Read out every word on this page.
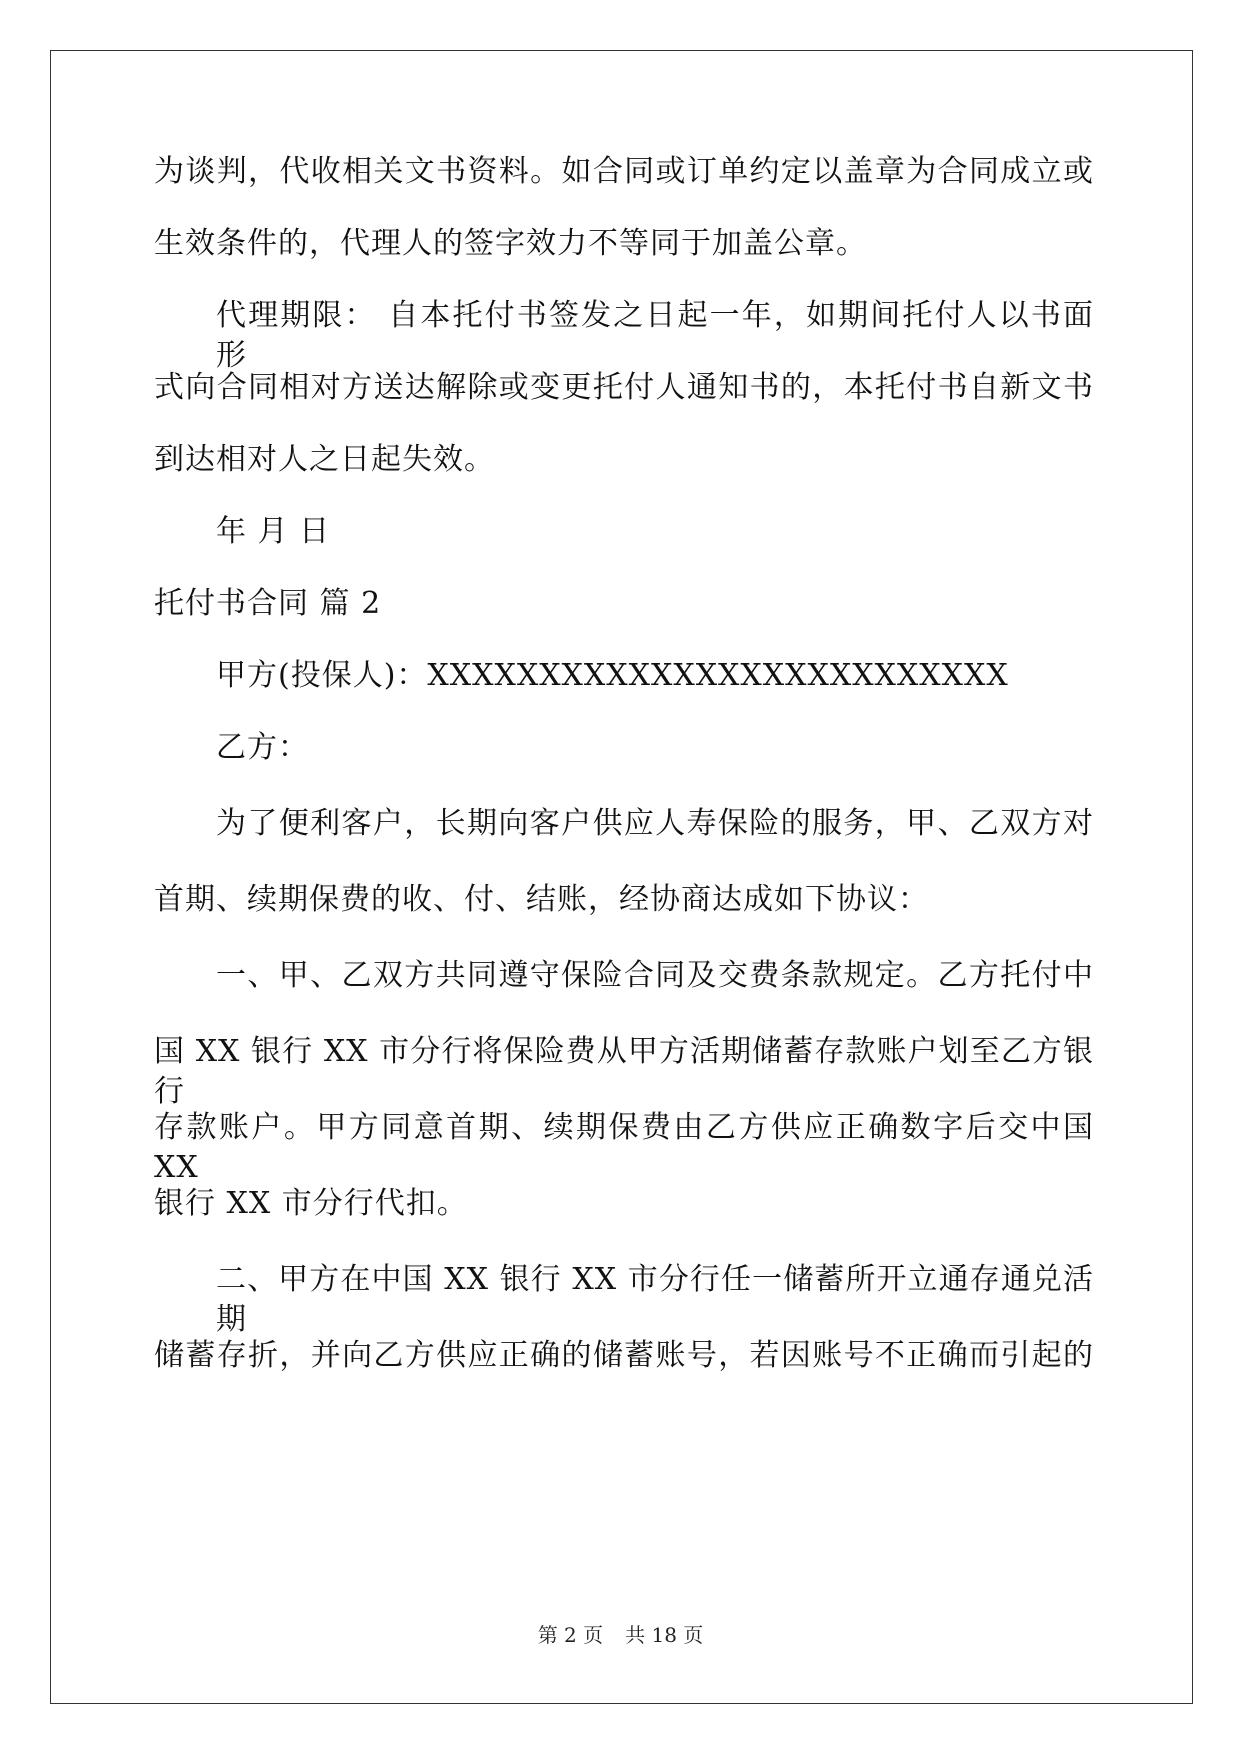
为谈判，代收相关文书资料。如合同或订单约定以盖章为合同成立或
生效条件的，代理人的签字效力不等同于加盖公章。
代理期限： 自本托付书签发之日起一年，如期间托付人以书面形
式向合同相对方送达解除或变更托付人通知书的，本托付书自新文书
到达相对人之日起失效。
年 月 日
托付书合同 篇 2
甲方(投保人)：XXXXXXXXXXXXXXXXXXXXXXXXXX
乙方：
为了便利客户，长期向客户供应人寿保险的服务，甲、乙双方对
首期、续期保费的收、付、结账，经协商达成如下协议：
一、甲、乙双方共同遵守保险合同及交费条款规定。乙方托付中
国 XX 银行 XX 市分行将保险费从甲方活期储蓄存款账户划至乙方银行
存款账户。甲方同意首期、续期保费由乙方供应正确数字后交中国 XX
银行 XX 市分行代扣。
二、甲方在中国 XX 银行 XX 市分行任一储蓄所开立通存通兑活期
储蓄存折，并向乙方供应正确的储蓄账号，若因账号不正确而引起的
第 2 页 共 18 页
